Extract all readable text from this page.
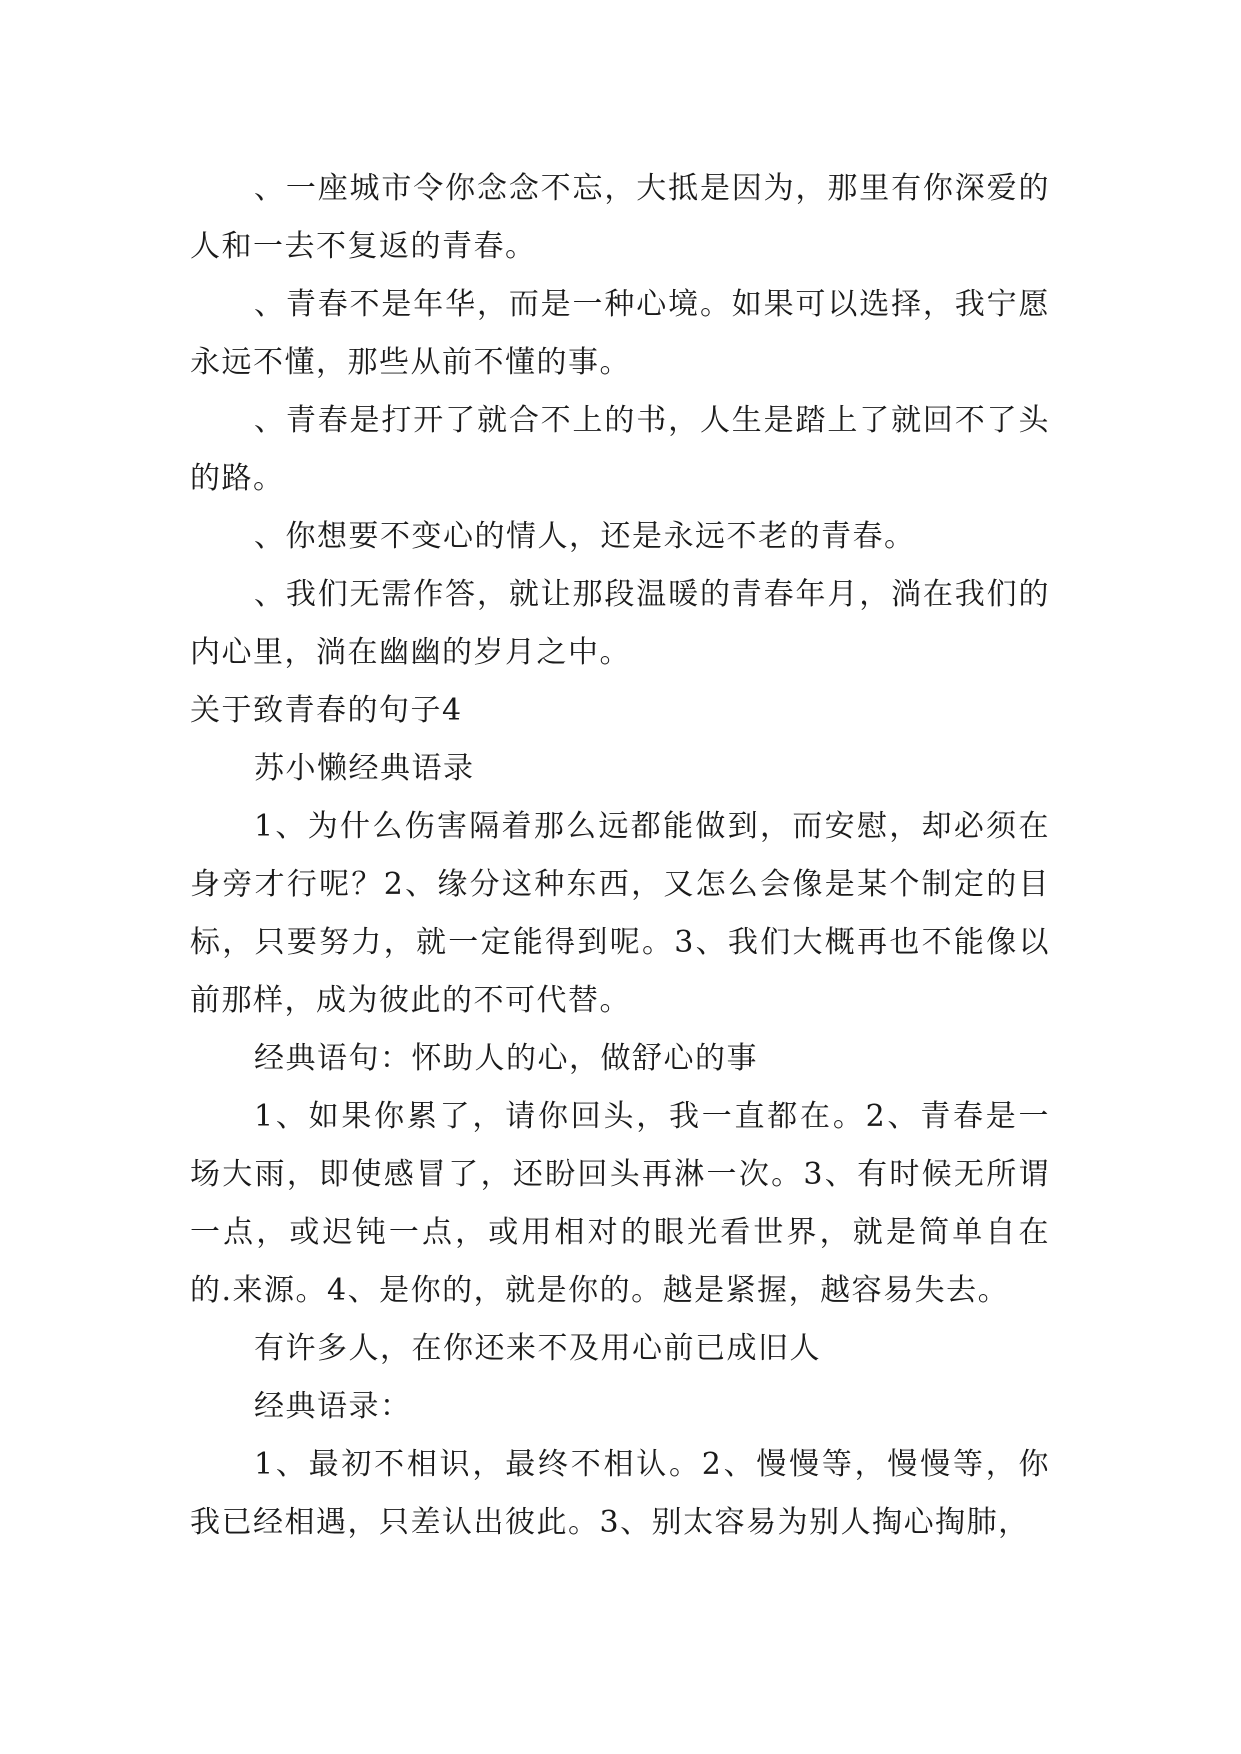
、一座城市令你念念不忘，大抵是因为，那里有你深爱的人和一去不复返的青春。

、青春不是年华，而是一种心境。如果可以选择，我宁愿永远不懂，那些从前不懂的事。

、青春是打开了就合不上的书，人生是踏上了就回不了头的路。

、你想要不变心的情人，还是永远不老的青春。

、我们无需作答，就让那段温暖的青春年月，淌在我们的内心里，淌在幽幽的岁月之中。

关于致青春的句子4

苏小懒经典语录

1、为什么伤害隔着那么远都能做到，而安慰，却必须在身旁才行呢？2、缘分这种东西，又怎么会像是某个制定的目标，只要努力，就一定能得到呢。3、我们大概再也不能像以前那样，成为彼此的不可代替。

经典语句：怀助人的心，做舒心的事

1、如果你累了，请你回头，我一直都在。2、青春是一场大雨，即使感冒了，还盼回头再淋一次。3、有时候无所谓一点，或迟钝一点，或用相对的眼光看世界，就是简单自在的.来源。4、是你的，就是你的。越是紧握，越容易失去。

有许多人，在你还来不及用心前已成旧人

经典语录：

1、最初不相识，最终不相认。2、慢慢等，慢慢等，你我已经相遇，只差认出彼此。3、别太容易为别人掏心掏肺，
